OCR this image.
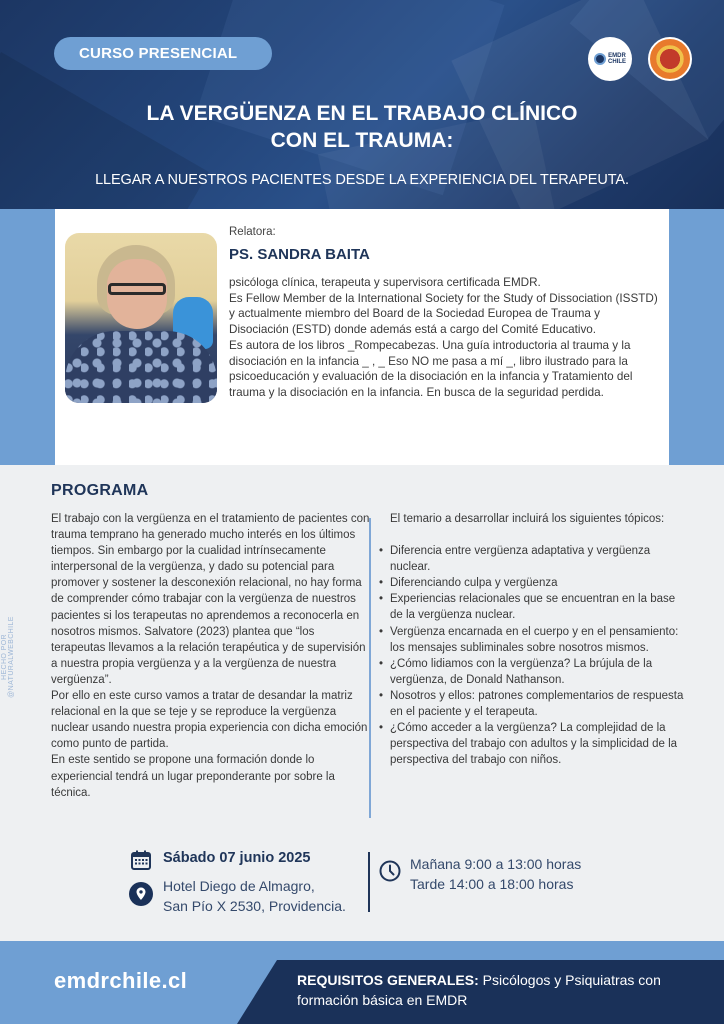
CURSO PRESENCIAL	EMDR
CHILE
LA VERGÜENZA EN EL TRABAJO CLÍNICO
CON EL TRAUMA:
LLEGAR A NUESTROS PACIENTES DESDE LA EXPERIENCIA DEL TERAPEUTA.
Relatora:
PS. SANDRA BAITA

psicóloga clínica, terapeuta y supervisora certificada EMDR.

Es Fellow Member de la International Society for the Study of Dissociation (ISSTD) y actualmente miembro del Board de la Sociedad Europea de Trauma y Disociación (ESTD) donde además está a cargo del Comité Educativo.

Es autora de los libros _Rompecabezas. Una guía introductoria al trauma y la disociación en la infancia _ , _ Eso NO me pasa a mí _, libro ilustrado para la psicoeducación y evaluación de la disociación en la infancia y Tratamiento del trauma y la disociación en la infancia. En busca de la seguridad perdida.

HECHO POR @NATURALWEBCHILE
PROGRAMA

El trabajo con la vergüenza en el tratamiento de pacientes con trauma temprano ha generado mucho interés en los últimos tiempos. Sin embargo por la cualidad intrínsecamente interpersonal de la vergüenza, y dado su potencial para promover y sostener la desconexión relacional, no hay forma de comprender cómo trabajar con la vergüenza de nuestros pacientes si los terapeutas no aprendemos a reconocerla en nosotros mismos. Salvatore (2023) plantea que “los terapeutas llevamos a la relación terapéutica y de supervisión a nuestra propia vergüenza y a la vergüenza de nuestra vergüenza”.

Por ello en este curso vamos a tratar de desandar la matriz relacional en la que se teje y se reproduce la vergüenza nuclear usando nuestra propia experiencia con dicha emoción como punto de partida.

En este sentido se propone una formación donde lo experiencial tendrá un lugar preponderante por sobre la técnica.

El temario a desarrollar incluirá los siguientes tópicos:
• Diferencia entre vergüenza adaptativa y vergüenza nuclear.
• Diferenciando culpa y vergüenza
• Experiencias relacionales que se encuentran en la base de la vergüenza nuclear.
• Vergüenza encarnada en el cuerpo y en el pensamiento: los mensajes subliminales sobre nosotros mismos.
• ¿Cómo lidiamos con la vergüenza? La brújula de la vergüenza, de Donald Nathanson.
• Nosotros y ellos: patrones complementarios de respuesta en el paciente y el terapeuta.
• ¿Cómo acceder a la vergüenza? La complejidad de la perspectiva del trabajo con adultos y la simplicidad de la perspectiva del trabajo con niños.
Sábado 07 junio 2025
Hotel Diego de Almagro,
San Pío X 2530, Providencia.
Mañana 9:00 a 13:00 horas
Tarde 14:00 a 18:00 horas
emdrchile.cl	REQUISITOS GENERALES: Psicólogos y Psiquiatras con formación básica en EMDR
